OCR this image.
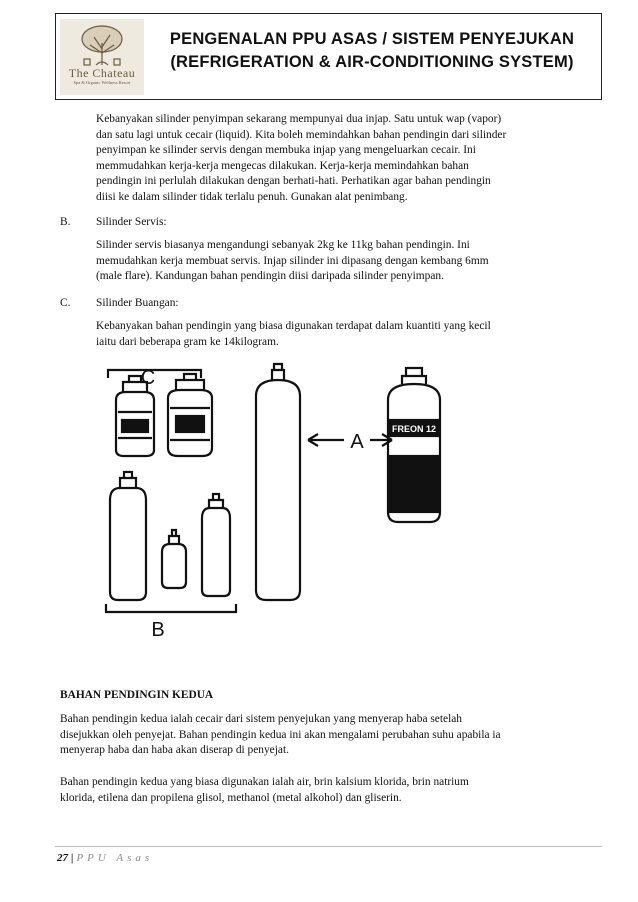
The Chateau
Spa & Organic Wellness Resort
PENGENALAN PPU ASAS / SISTEM PENYEJUKAN
(REFRIGERATION & AIR-CONDITIONING SYSTEM)
Kebanyakan silinder penyimpan sekarang mempunyai dua injap. Satu untuk wap (vapor)
dan satu lagi untuk cecair (liquid). Kita boleh memindahkan bahan pendingin dari silinder
penyimpan ke silinder servis dengan membuka injap yang mengeluarkan cecair. Ini
memmudahkan kerja-kerja mengecas dilakukan. Kerja-kerja memindahkan bahan
pendingin ini perlulah dilakukan dengan berhati-hati. Perhatikan agar bahan pendingin
diisi ke dalam silinder tidak terlalu penuh. Gunakan alat penimbang.
B. Silinder Servis:
Silinder servis biasanya mengandungi sebanyak 2kg ke 11kg bahan pendingin. Ini
memudahkan kerja membuat servis. Injap silinder ini dipasang dengan kembang 6mm
(male flare). Kandungan bahan pendingin diisi daripada silinder penyimpan.
C. Silinder Buangan:
Kebanyakan bahan pendingin yang biasa digunakan terdapat dalam kuantiti yang kecil
iaitu dari beberapa gram ke 14kilogram.
C
B
A
FREON 12
BAHAN PENDINGIN KEDUA
Bahan pendingin kedua ialah cecair dari sistem penyejukan yang menyerap haba setelah
disejukkan oleh penyejat. Bahan pendingin kedua ini akan mengalami perubahan suhu apabila ia
menyerap haba dan haba akan diserap di penyejat.
Bahan pendingin kedua yang biasa digunakan ialah air, brin kalsium klorida, brin natrium
klorida, etilena dan propilena glisol, methanol (metal alkohol) dan gliserin.
27 | PPU Asas
